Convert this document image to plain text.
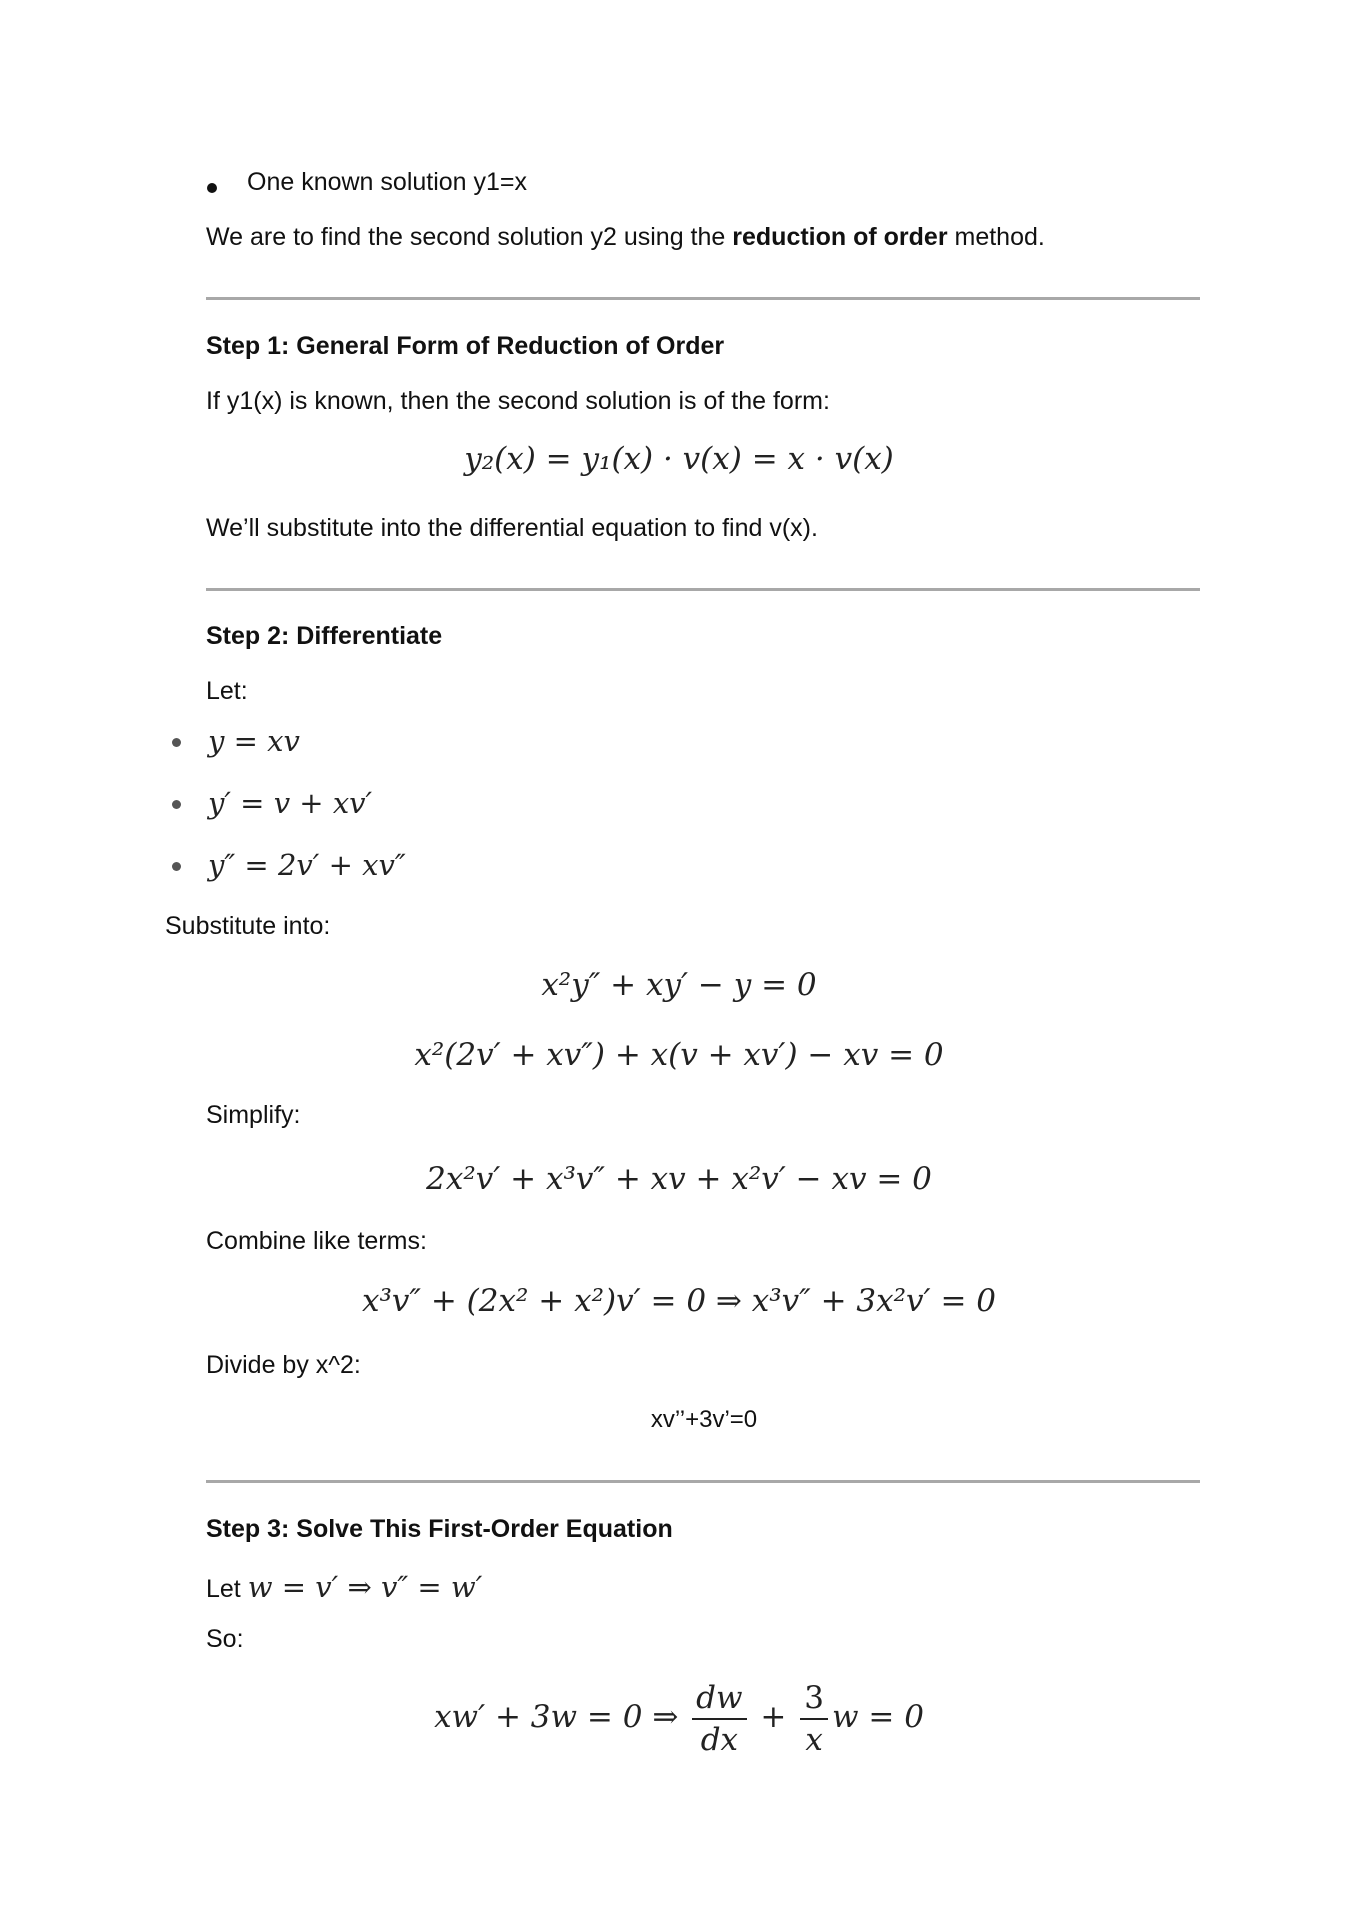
One known solution y1=x
We are to find the second solution y2 using the reduction of order method.
Step 1: General Form of Reduction of Order
If y1(x) is known, then the second solution is of the form:
y₂(x) = y₁(x) · v(x) = x · v(x)
We’ll substitute into the differential equation to find v(x).
Step 2: Differentiate
Let:
y = xv
y′ = v + xv′
y″ = 2v′ + xv″
Substitute into:
x²y″ + xy′ − y = 0
x²(2v′ + xv″) + x(v + xv′) − xv = 0
Simplify:
2x²v′ + x³v″ + xv + x²v′ − xv = 0
Combine like terms:
x³v″ + (2x² + x²)v′ = 0 ⇒ x³v″ + 3x²v′ = 0
Divide by x^2:
xv’’+3v’=0
Step 3: Solve This First-Order Equation
Let w = v′ ⇒ v″ = w′
So:
xw′ + 3w = 0 ⇒ $\frac{dw}{dx} + \frac{3}{x}$ w = 0
